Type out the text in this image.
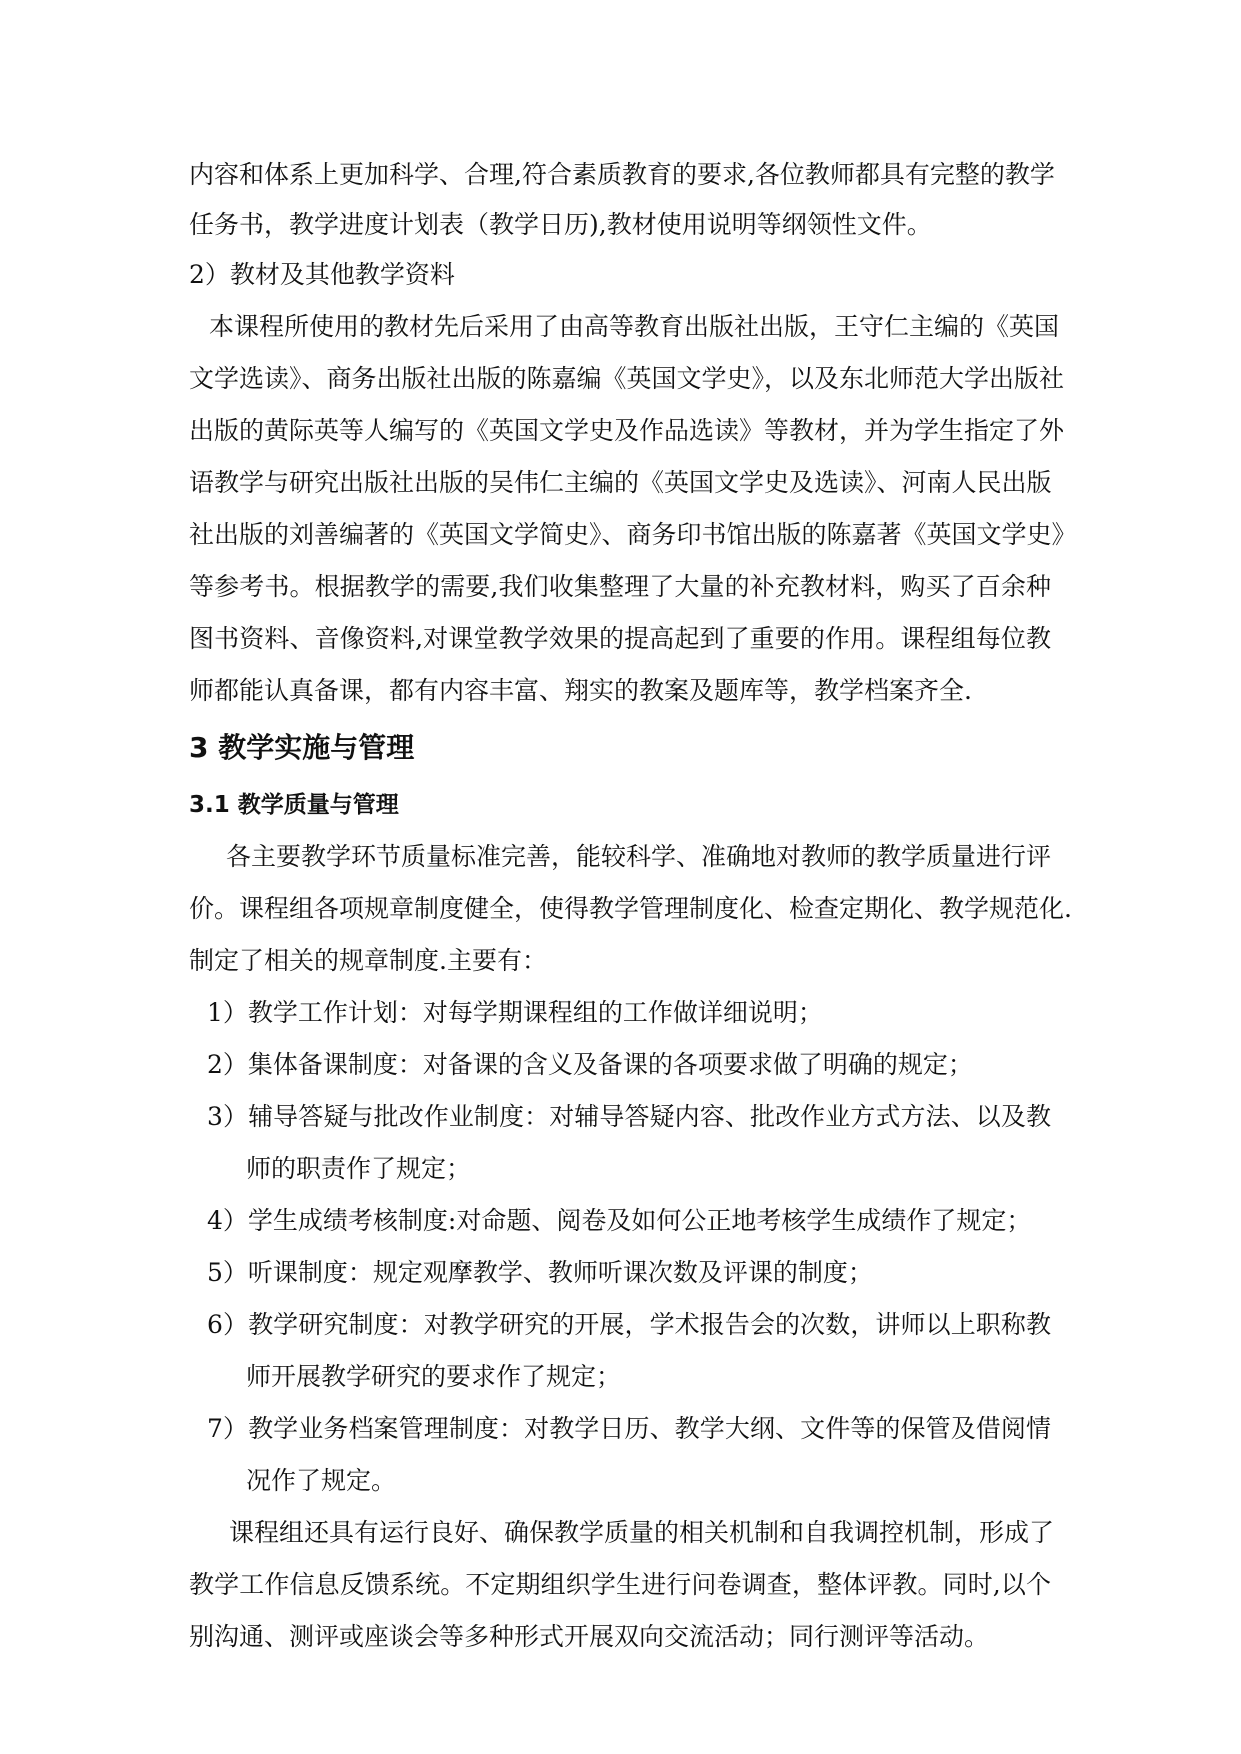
内容和体系上更加科学、合理,符合素质教育的要求,各位教师都具有完整的教学
任务书，教学进度计划表（教学日历),教材使用说明等纲领性文件。
2）教材及其他教学资料
本课程所使用的教材先后采用了由高等教育出版社出版，王守仁主编的《英国
文学选读》、商务出版社出版的陈嘉编《英国文学史》，以及东北师范大学出版社
出版的黄际英等人编写的《英国文学史及作品选读》等教材，并为学生指定了外
语教学与研究出版社出版的吴伟仁主编的《英国文学史及选读》、河南人民出版
社出版的刘善编著的《英国文学简史》、商务印书馆出版的陈嘉著《英国文学史》
等参考书。根据教学的需要,我们收集整理了大量的补充教材料，购买了百余种
图书资料、音像资料,对课堂教学效果的提高起到了重要的作用。课程组每位教
师都能认真备课，都有内容丰富、翔实的教案及题库等，教学档案齐全.
3 教学实施与管理
3.1 教学质量与管理
各主要教学环节质量标准完善，能较科学、准确地对教师的教学质量进行评
价。课程组各项规章制度健全，使得教学管理制度化、检查定期化、教学规范化.
制定了相关的规章制度.主要有：
1）教学工作计划：对每学期课程组的工作做详细说明；
2）集体备课制度：对备课的含义及备课的各项要求做了明确的规定；
3）辅导答疑与批改作业制度：对辅导答疑内容、批改作业方式方法、以及教
师的职责作了规定；
4）学生成绩考核制度:对命题、阅卷及如何公正地考核学生成绩作了规定；
5）听课制度：规定观摩教学、教师听课次数及评课的制度；
6）教学研究制度：对教学研究的开展，学术报告会的次数，讲师以上职称教
师开展教学研究的要求作了规定；
7）教学业务档案管理制度：对教学日历、教学大纲、文件等的保管及借阅情
况作了规定。
课程组还具有运行良好、确保教学质量的相关机制和自我调控机制，形成了
教学工作信息反馈系统。不定期组织学生进行问卷调查，整体评教。同时,以个
别沟通、测评或座谈会等多种形式开展双向交流活动；同行测评等活动。
